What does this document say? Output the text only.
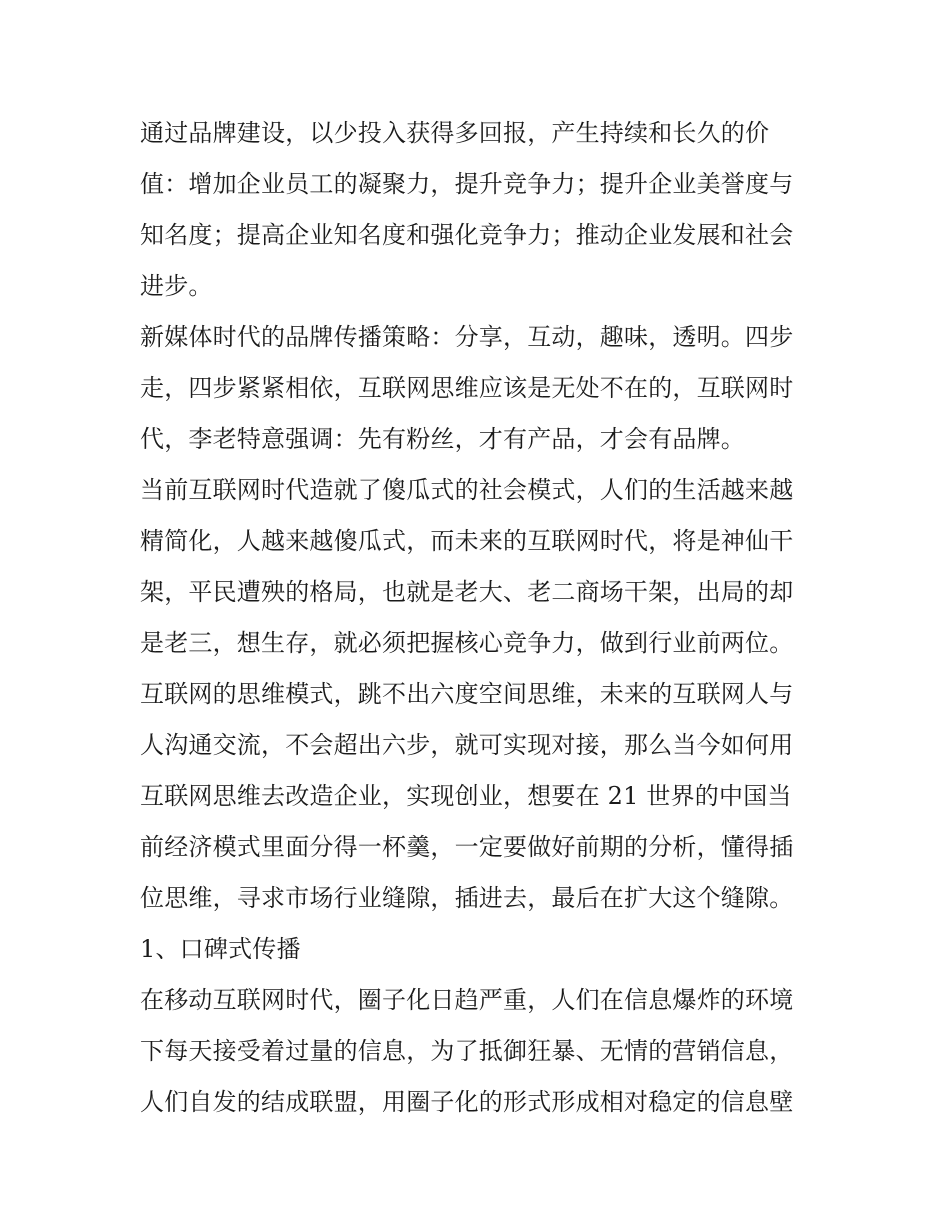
通过品牌建设，以少投入获得多回报，产生持续和长久的价
值：增加企业员工的凝聚力，提升竞争力；提升企业美誉度与
知名度；提高企业知名度和强化竞争力；推动企业发展和社会
进步。
新媒体时代的品牌传播策略：分享，互动，趣味，透明。四步
走，四步紧紧相依，互联网思维应该是无处不在的，互联网时
代，李老特意强调：先有粉丝，才有产品，才会有品牌。
当前互联网时代造就了傻瓜式的社会模式，人们的生活越来越
精简化，人越来越傻瓜式，而未来的互联网时代，将是神仙干
架，平民遭殃的格局，也就是老大、老二商场干架，出局的却
是老三，想生存，就必须把握核心竞争力，做到行业前两位。
互联网的思维模式，跳不出六度空间思维，未来的互联网人与
人沟通交流，不会超出六步，就可实现对接，那么当今如何用
互联网思维去改造企业，实现创业，想要在 21 世界的中国当
前经济模式里面分得一杯羹，一定要做好前期的分析，懂得插
位思维，寻求市场行业缝隙，插进去，最后在扩大这个缝隙。
1、口碑式传播
在移动互联网时代，圈子化日趋严重，人们在信息爆炸的环境
下每天接受着过量的信息，为了抵御狂暴、无情的营销信息，
人们自发的结成联盟，用圈子化的形式形成相对稳定的信息壁
